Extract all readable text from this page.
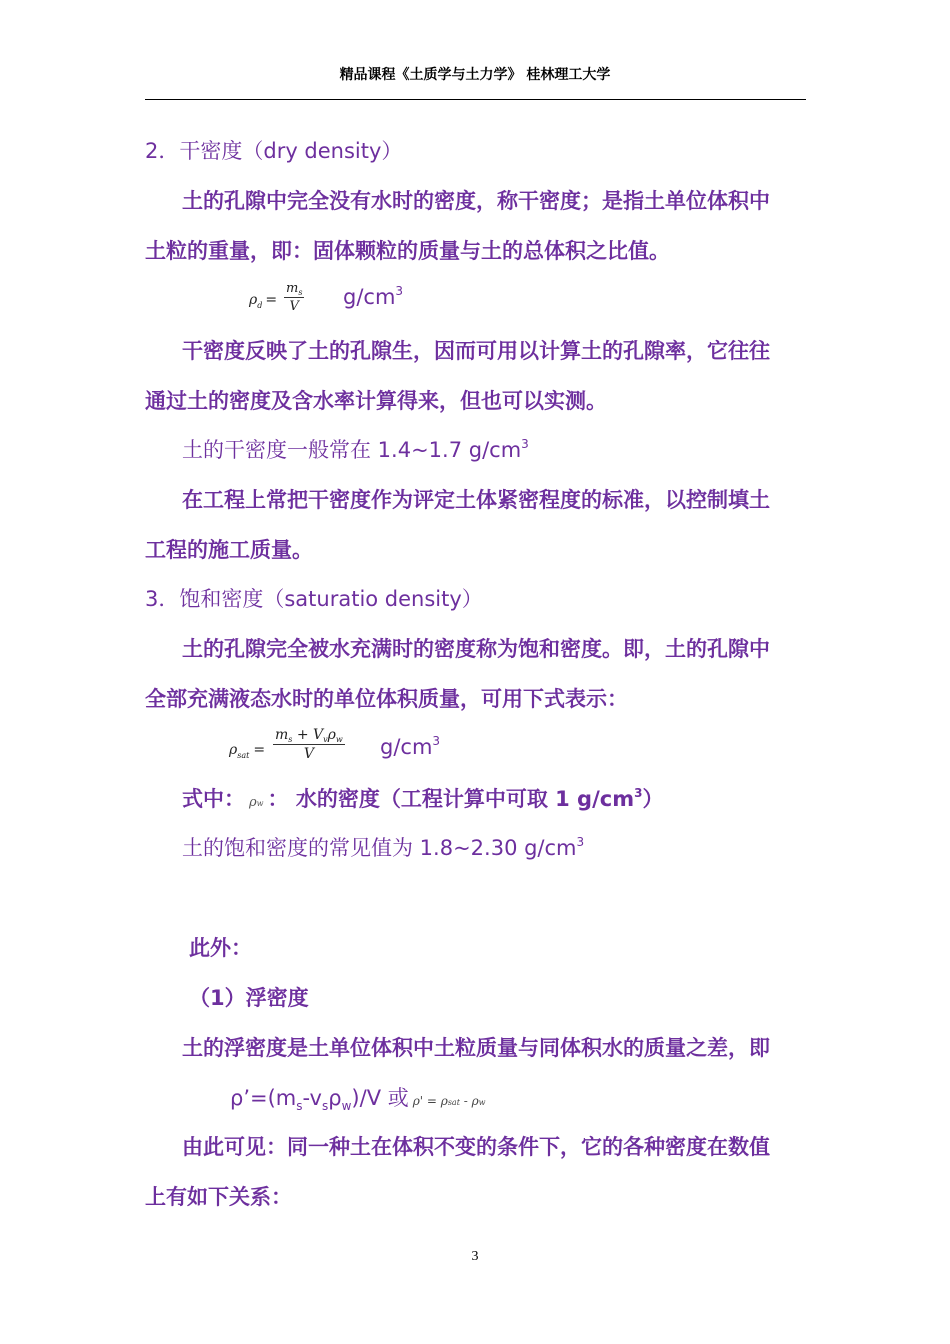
精品课程《土质学与土力学》 桂林理工大学
2．干密度（dry density）
土的孔隙中完全没有水时的密度，称干密度；是指土单位体积中
土粒的重量，即：固体颗粒的质量与土的总体积之比值。
$\rho_d = \frac{m_s}{V} g/cm^3$
干密度反映了土的孔隙生，因而可用以计算土的孔隙率，它往往
通过土的密度及含水率计算得来，但也可以实测。
土的干密度一般常在 1.4~1.7 $g/cm^3$
在工程上常把干密度作为评定土体紧密程度的标准，以控制填土
工程的施工质量。
3．饱和密度（saturatio density）
土的孔隙完全被水充满时的密度称为饱和密度。即，土的孔隙中
全部充满液态水时的单位体积质量，可用下式表示：
$\rho_{sat}$ =
$m_s + V_v\rho_w$
V	$g/cm^3$
式中： ρw ： 水的密度（工程计算中可取 1 $g/cm^3$）
土的饱和密度的常见值为 1.8~2.30 $g/cm^3$
此外：
（1）浮密度
土的浮密度是土单位体积中土粒质量与同体积水的质量之差，即
$\rho’=(m_s-v_s\rho_w)/V$ 或 ρ' = ρsat - ρw
由此可见：同一种土在体积不变的条件下，它的各种密度在数值
上有如下关系：
3
